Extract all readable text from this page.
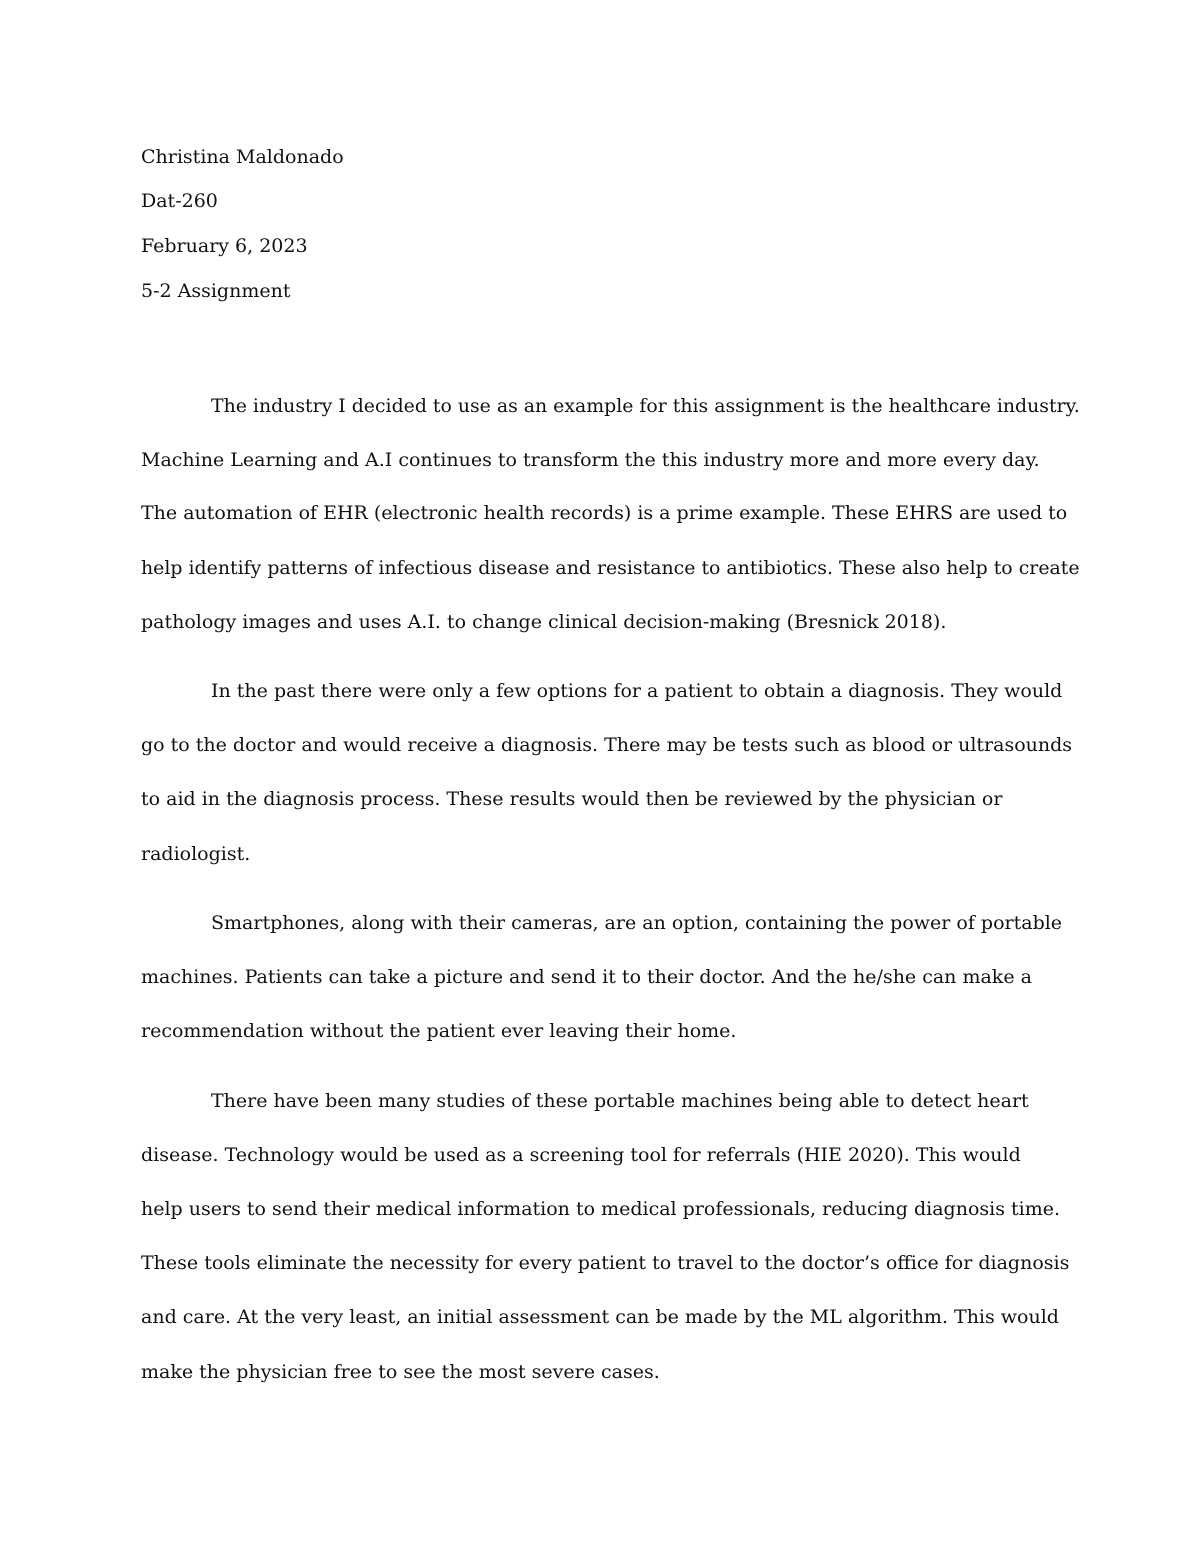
Christina Maldonado
Dat-260
February 6, 2023
5-2 Assignment
The industry I decided to use as an example for this assignment is the healthcare industry.
Machine Learning and A.I continues to transform the this industry more and more every day.
The automation of EHR (electronic health records) is a prime example. These EHRS are used to
help identify patterns of infectious disease and resistance to antibiotics. These also help to create
pathology images and uses A.I. to change clinical decision-making (Bresnick 2018).
In the past there were only a few options for a patient to obtain a diagnosis. They would
go to the doctor and would receive a diagnosis. There may be tests such as blood or ultrasounds
to aid in the diagnosis process. These results would then be reviewed by the physician or
radiologist.
Smartphones, along with their cameras, are an option, containing the power of portable
machines. Patients can take a picture and send it to their doctor. And the he/she can make a
recommendation without the patient ever leaving their home.
There have been many studies of these portable machines being able to detect heart
disease. Technology would be used as a screening tool for referrals (HIE 2020). This would
help users to send their medical information to medical professionals, reducing diagnosis time.
These tools eliminate the necessity for every patient to travel to the doctor’s office for diagnosis
and care. At the very least, an initial assessment can be made by the ML algorithm. This would
make the physician free to see the most severe cases.
